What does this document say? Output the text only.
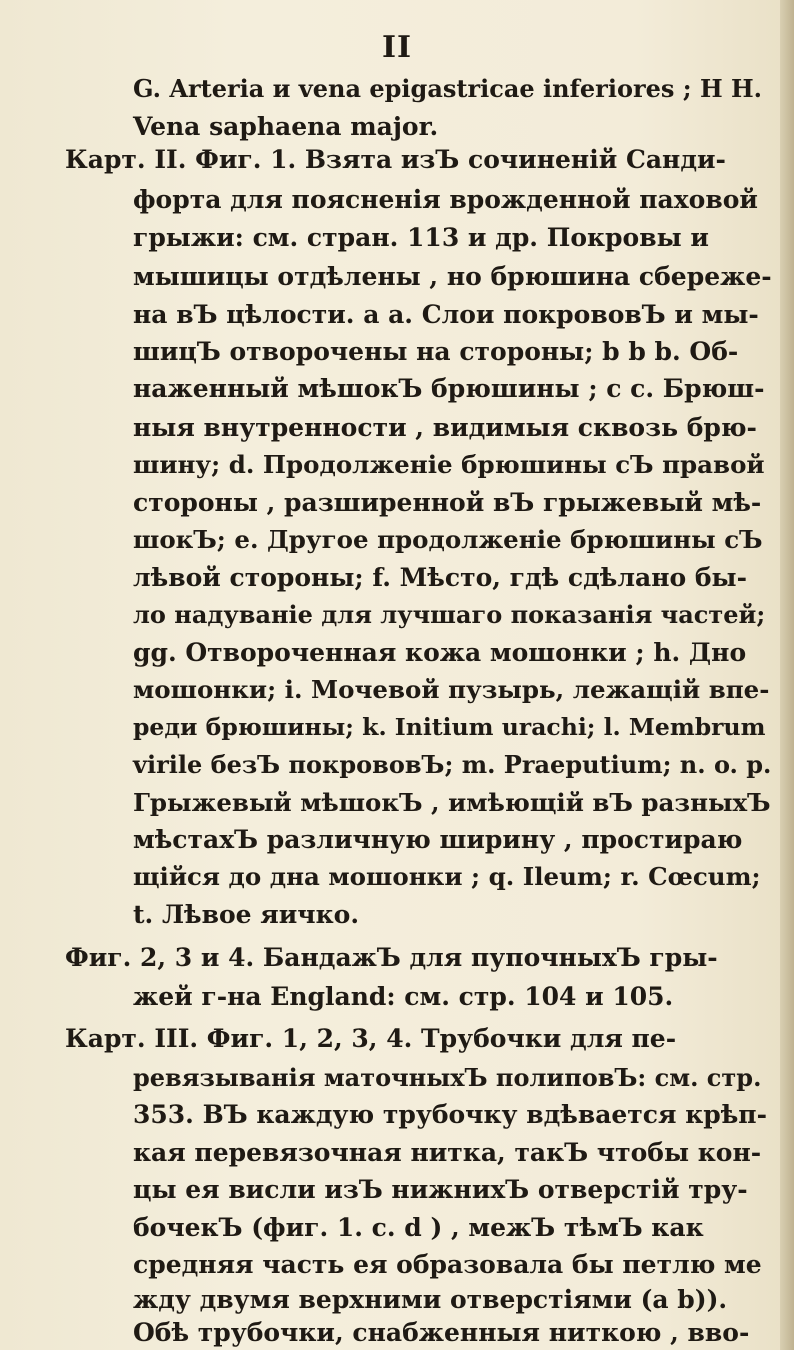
II
G. Arteria и vena epigastricae inferiores ; H H.
Vena saphaena major.
Карт. II. Фиг. 1. Взята изЪ сочиненій Санди-
форта для поясненія врожденной паховой
грыжи: см. стран. 113 и др. Покровы и
мышицы отдѣлены , но брюшина сбереже-
на вЪ цѣлости. a a. Слои покрововЪ и мы-
шицЪ отворочены на стороны; b b b. Об-
наженный мѣшокЪ брюшины ; c c. Брюш-
ныя внутренности , видимыя сквозь брю-
шину; d. Продолженіе брюшины сЪ правой
стороны , разширенной вЪ грыжевый мѣ-
шокЪ; e. Другое продолженіе брюшины сЪ
лѣвой стороны; f. Мѣсто, гдѣ сдѣлано бы-
ло надуваніе для лучшаго показанія частей;
gg. Отвороченная кожа мошонки ; h. Дно
мошонки; i. Мочевой пузырь, лежащій впе-
реди брюшины; k. Initium urachi; l. Membrum
virile безЪ покрововЪ; m. Praeputium; n. o. p.
Грыжевый мѣшокЪ , имѣющій вЪ разныхЪ
мѣстахЪ различную ширину , простираю
щійся до дна мошонки ; q. Ileum; r. Cœcum;
t. Лѣвое яичко.
Фиг. 2, 3 и 4. БандажЪ для пупочныхЪ гры-
жей г-на England: см. стр. 104 и 105.
Карт. III. Фиг. 1, 2, 3, 4. Трубочки для пе-
ревязыванія маточныхЪ полиповЪ: см. стр.
353. ВЪ каждую трубочку вдѣвается крѣп-
кая перевязочная нитка, такЪ чтобы кон-
цы ея висли изЪ нижнихЪ отверстій тру-
бочекЪ (фиг. 1. c. d ) , межЪ тѣмЪ как
средняя часть ея образовала бы петлю ме
жду двумя верхними отверстіями (a b)).
Обѣ трубочки, снабженныя ниткою , вво-
